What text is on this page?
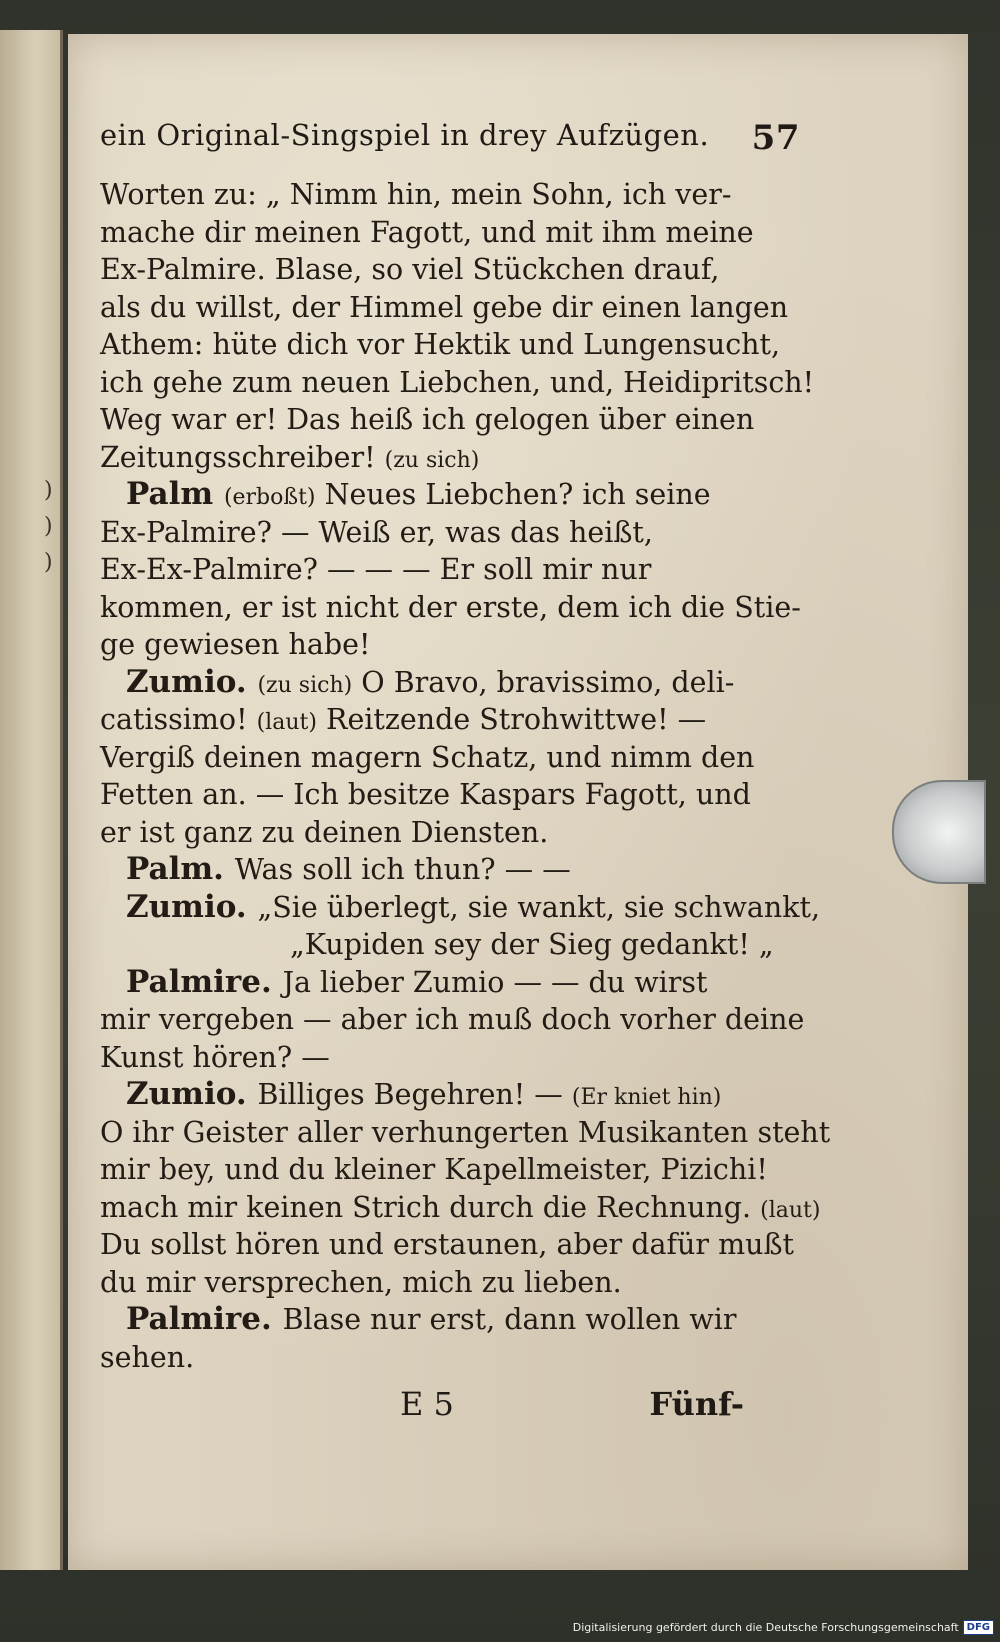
)
)
)
ein Original-Singspiel in drey Aufzügen. 57
Worten zu: „ Nimm hin, mein Sohn, ich ver-
mache dir meinen Fagott, und mit ihm meine
Ex-Palmire. Blase, so viel Stückchen drauf,
als du willst, der Himmel gebe dir einen langen
Athem: hüte dich vor Hektik und Lungensucht,
ich gehe zum neuen Liebchen, und, Heidipritsch!
Weg war er! Das heiß ich gelogen über einen
Zeitungsschreiber! (zu sich)
Palm (erboßt) Neues Liebchen? ich seine
Ex-Palmire? — Weiß er, was das heißt,
Ex-Ex-Palmire? — — — Er soll mir nur
kommen, er ist nicht der erste, dem ich die Stie-
ge gewiesen habe!
Zumio. (zu sich) O Bravo, bravissimo, deli-
catissimo! (laut) Reitzende Strohwittwe! —
Vergiß deinen magern Schatz, und nimm den
Fetten an. — Ich besitze Kaspars Fagott, und
er ist ganz zu deinen Diensten.
Palm. Was soll ich thun? — —
Zumio. „Sie überlegt, sie wankt, sie schwankt,
„Kupiden sey der Sieg gedankt! „
Palmire. Ja lieber Zumio — — du wirst
mir vergeben — aber ich muß doch vorher deine
Kunst hören? —
Zumio. Billiges Begehren! — (Er kniet hin)
O ihr Geister aller verhungerten Musikanten steht
mir bey, und du kleiner Kapellmeister, Pizichi!
mach mir keinen Strich durch die Rechnung. (laut)
Du sollst hören und erstaunen, aber dafür mußt
du mir versprechen, mich zu lieben.
Palmire. Blase nur erst, dann wollen wir
sehen.
E 5	Fünf-
Digitalisierung gefördert durch die Deutsche Forschungsgemeinschaft DFG
